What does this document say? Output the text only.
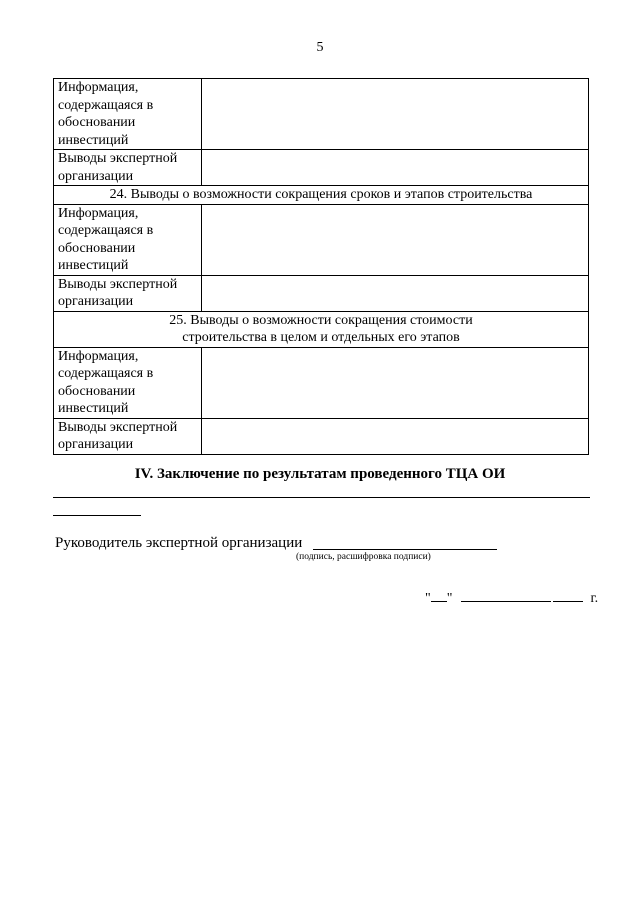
5
Информация, содержащаяся в обосновании инвестиций	
Выводы экспертной организации	
24. Выводы о возможности сокращения сроков и этапов строительства	
Информация, содержащаяся в обосновании инвестиций	
Выводы экспертной организации	

25. Выводы о возможности сокращения стоимости
строительства в целом и отдельных его этапов	

Информация, содержащаяся в обосновании инвестиций	
Выводы экспертной организации	
IV. Заключение по результатам проведенного ТЦА ОИ
Руководитель экспертной организации
(подпись, расшифровка подписи)
" "	г.
